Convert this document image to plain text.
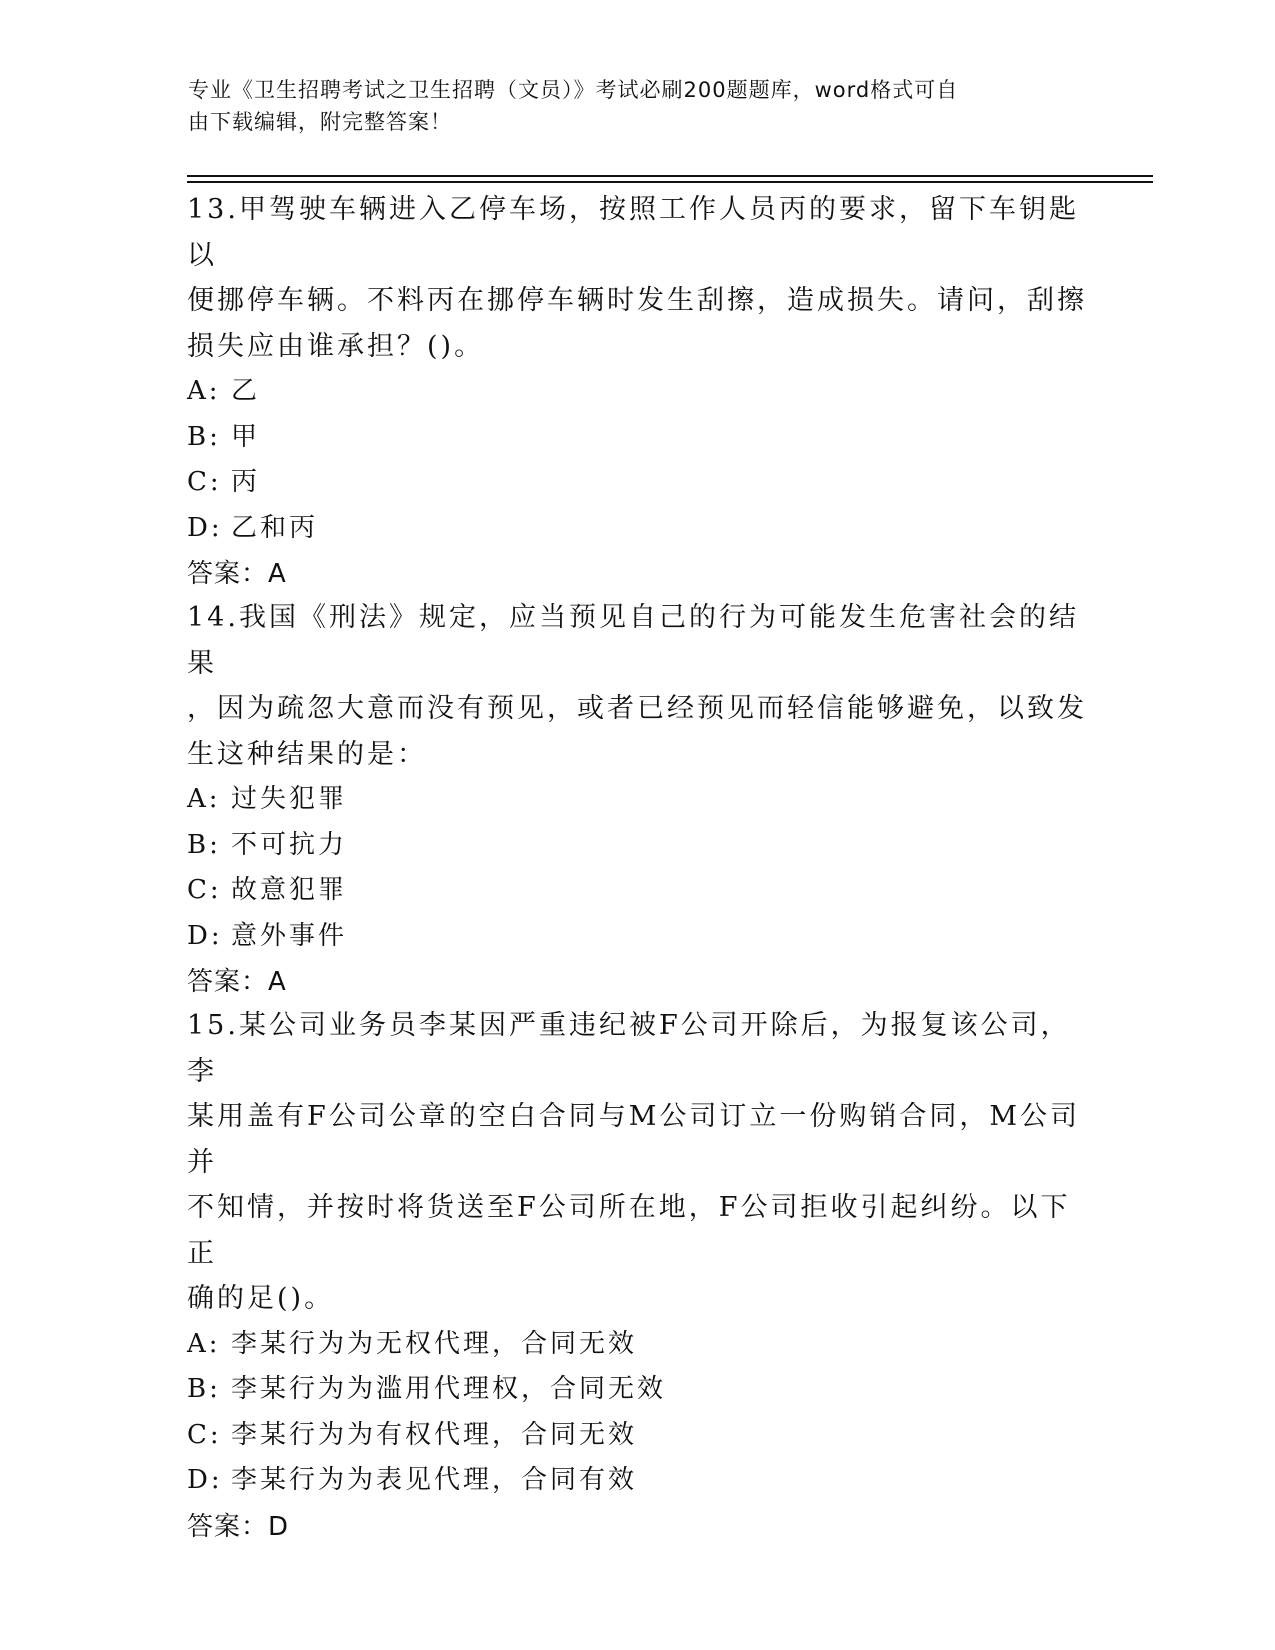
专业《卫生招聘考试之卫生招聘（文员）》考试必刷200题题库，word格式可自
由下载编辑，附完整答案！
13.甲驾驶车辆进入乙停车场，按照工作人员丙的要求，留下车钥匙以
便挪停车辆。不料丙在挪停车辆时发生刮擦，造成损失。请问，刮擦
损失应由谁承担？()。
A: 乙
B: 甲
C: 丙
D: 乙和丙
答案：A
14.我国《刑法》规定，应当预见自己的行为可能发生危害社会的结果
，因为疏忽大意而没有预见，或者已经预见而轻信能够避免，以致发
生这种结果的是：
A: 过失犯罪
B: 不可抗力
C: 故意犯罪
D: 意外事件
答案：A
15.某公司业务员李某因严重违纪被F公司开除后，为报复该公司，李
某用盖有F公司公章的空白合同与M公司订立一份购销合同，M公司并
不知情，并按时将货送至F公司所在地，F公司拒收引起纠纷。以下正
确的足()。
A: 李某行为为无权代理，合同无效
B: 李某行为为滥用代理权，合同无效
C: 李某行为为有权代理，合同无效
D: 李某行为为表见代理，合同有效
答案：D
